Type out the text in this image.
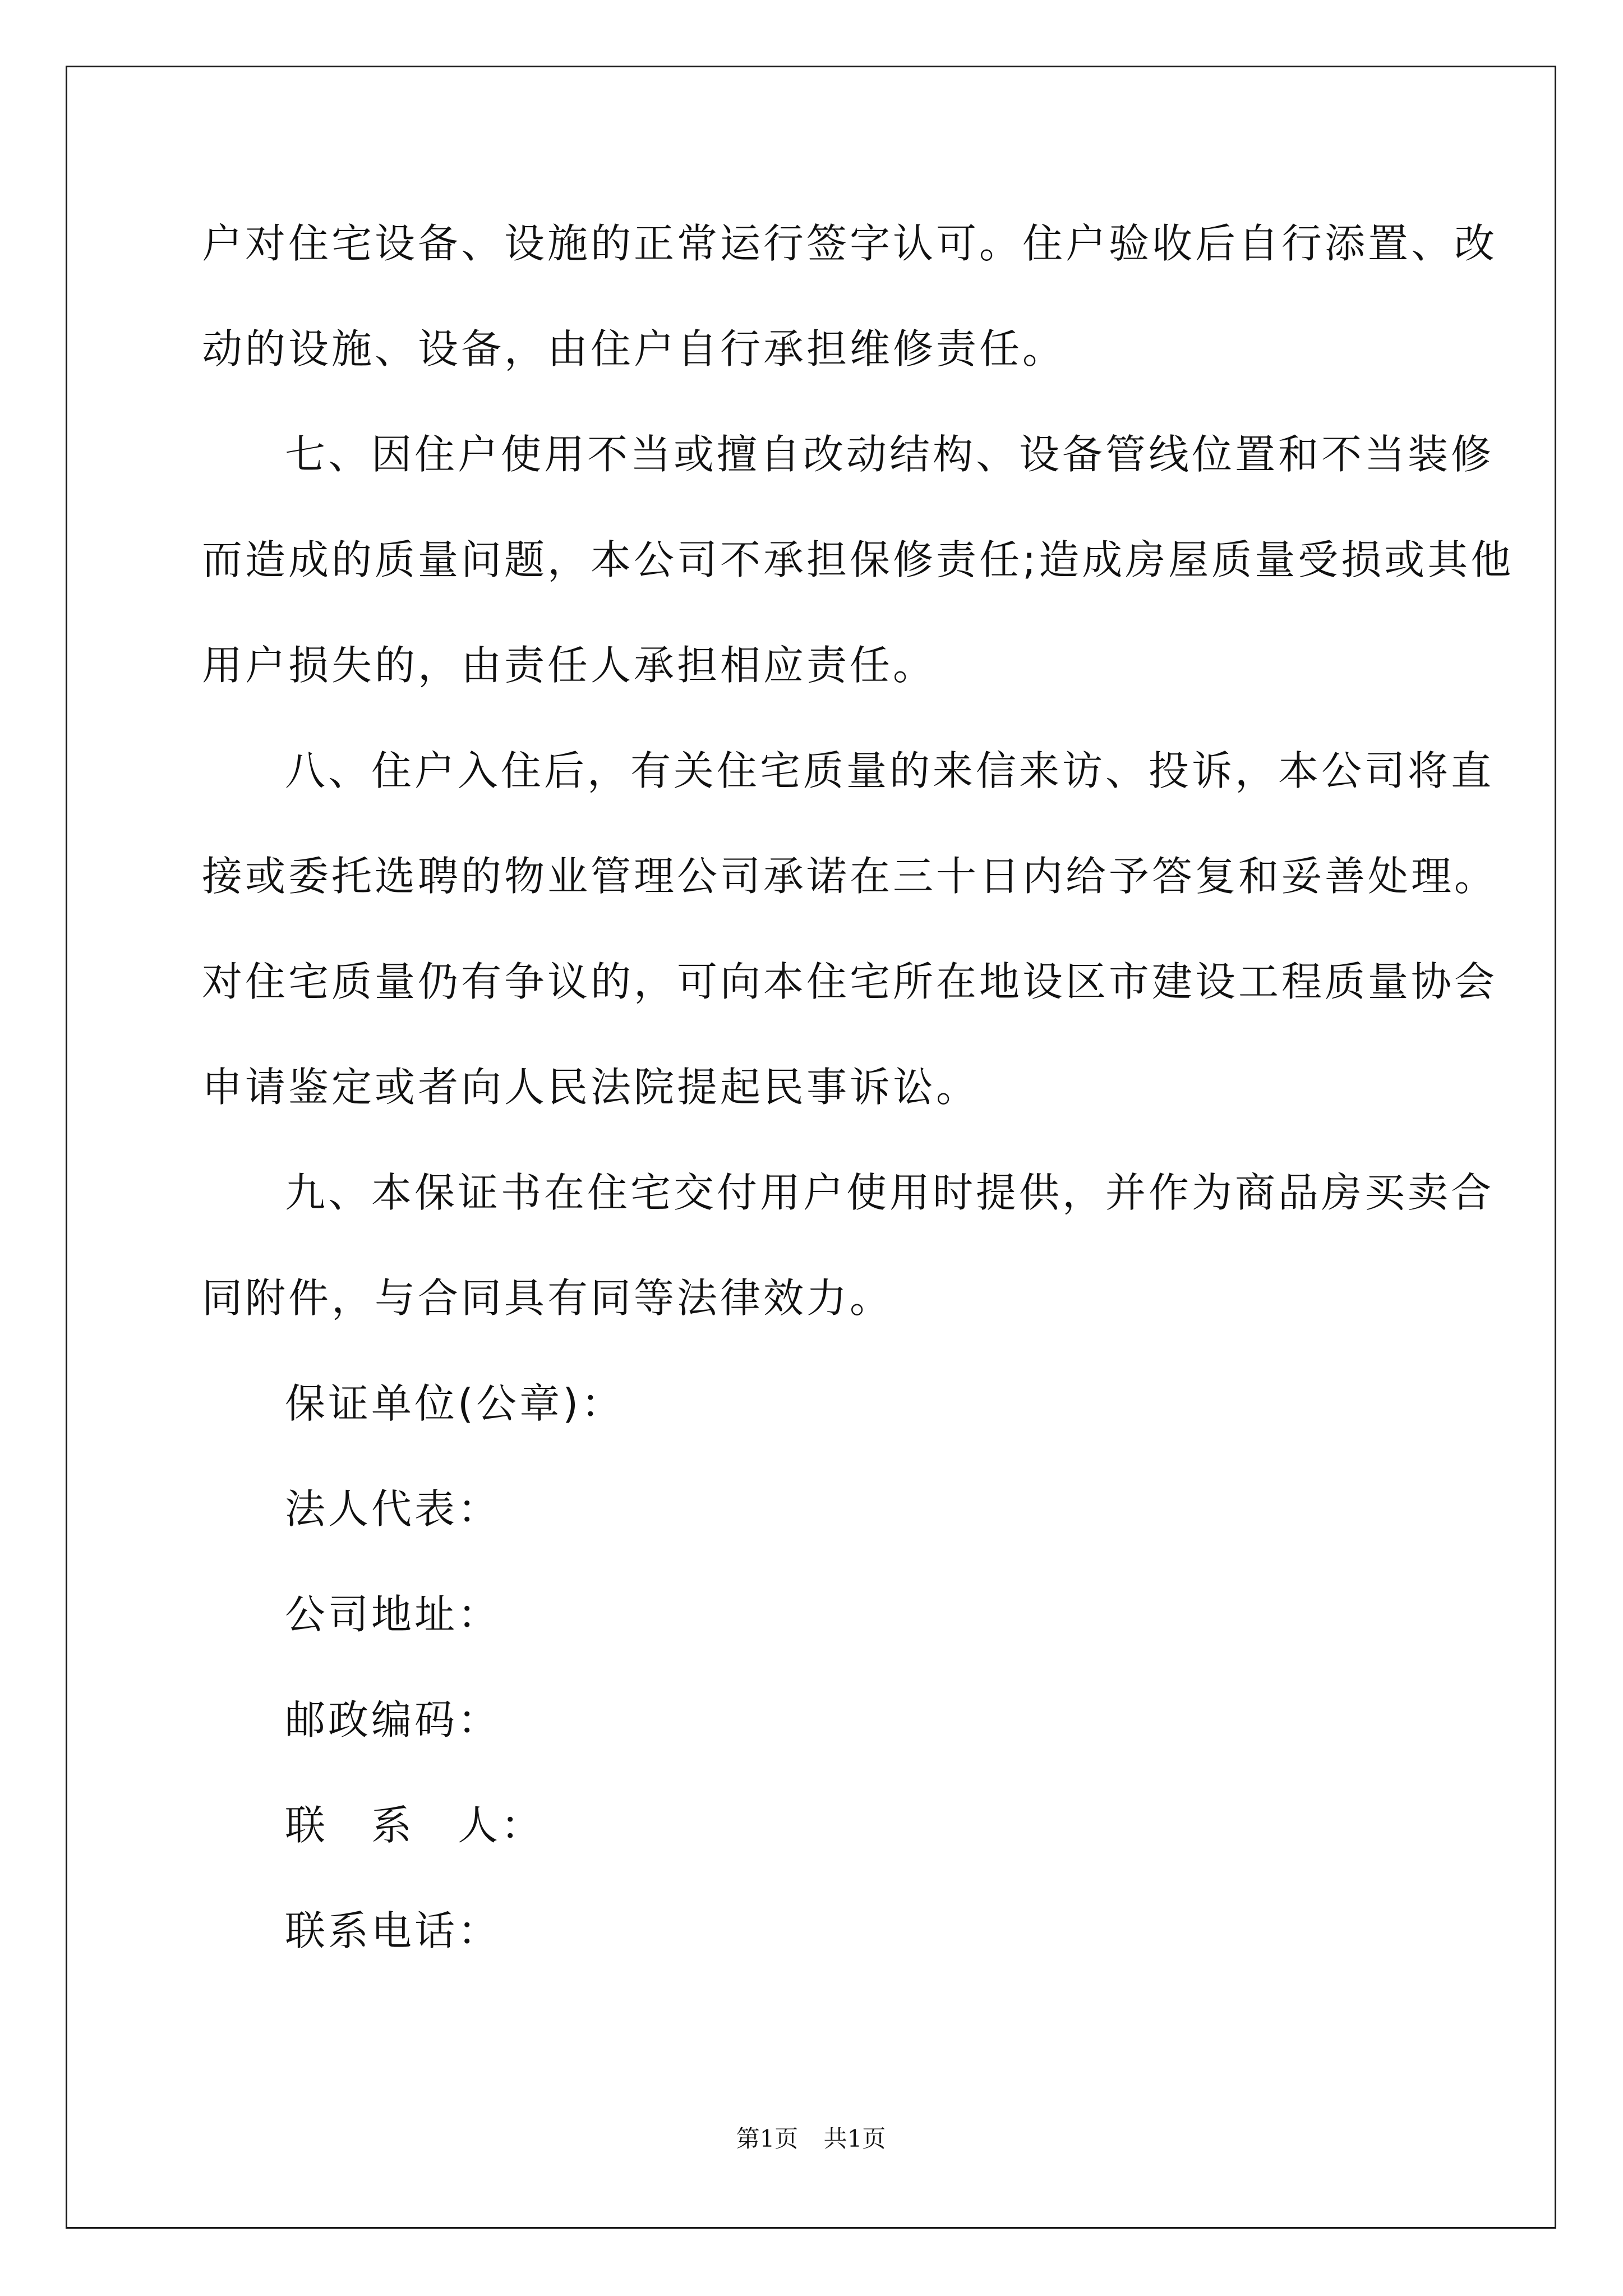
户对住宅设备、设施的正常运行签字认可。住户验收后自行添置、改
动的设施、设备，由住户自行承担维修责任。
七、因住户使用不当或擅自改动结构、设备管线位置和不当装修
而造成的质量问题，本公司不承担保修责任;造成房屋质量受损或其他
用户损失的，由责任人承担相应责任。
八、住户入住后，有关住宅质量的来信来访、投诉，本公司将直
接或委托选聘的物业管理公司承诺在三十日内给予答复和妥善处理。
对住宅质量仍有争议的，可向本住宅所在地设区市建设工程质量协会
申请鉴定或者向人民法院提起民事诉讼。
九、本保证书在住宅交付用户使用时提供，并作为商品房买卖合
同附件，与合同具有同等法律效力。
保证单位(公章)：
法人代表：
公司地址：
邮政编码：
联　系　人：
联系电话：
第1页 共1页
